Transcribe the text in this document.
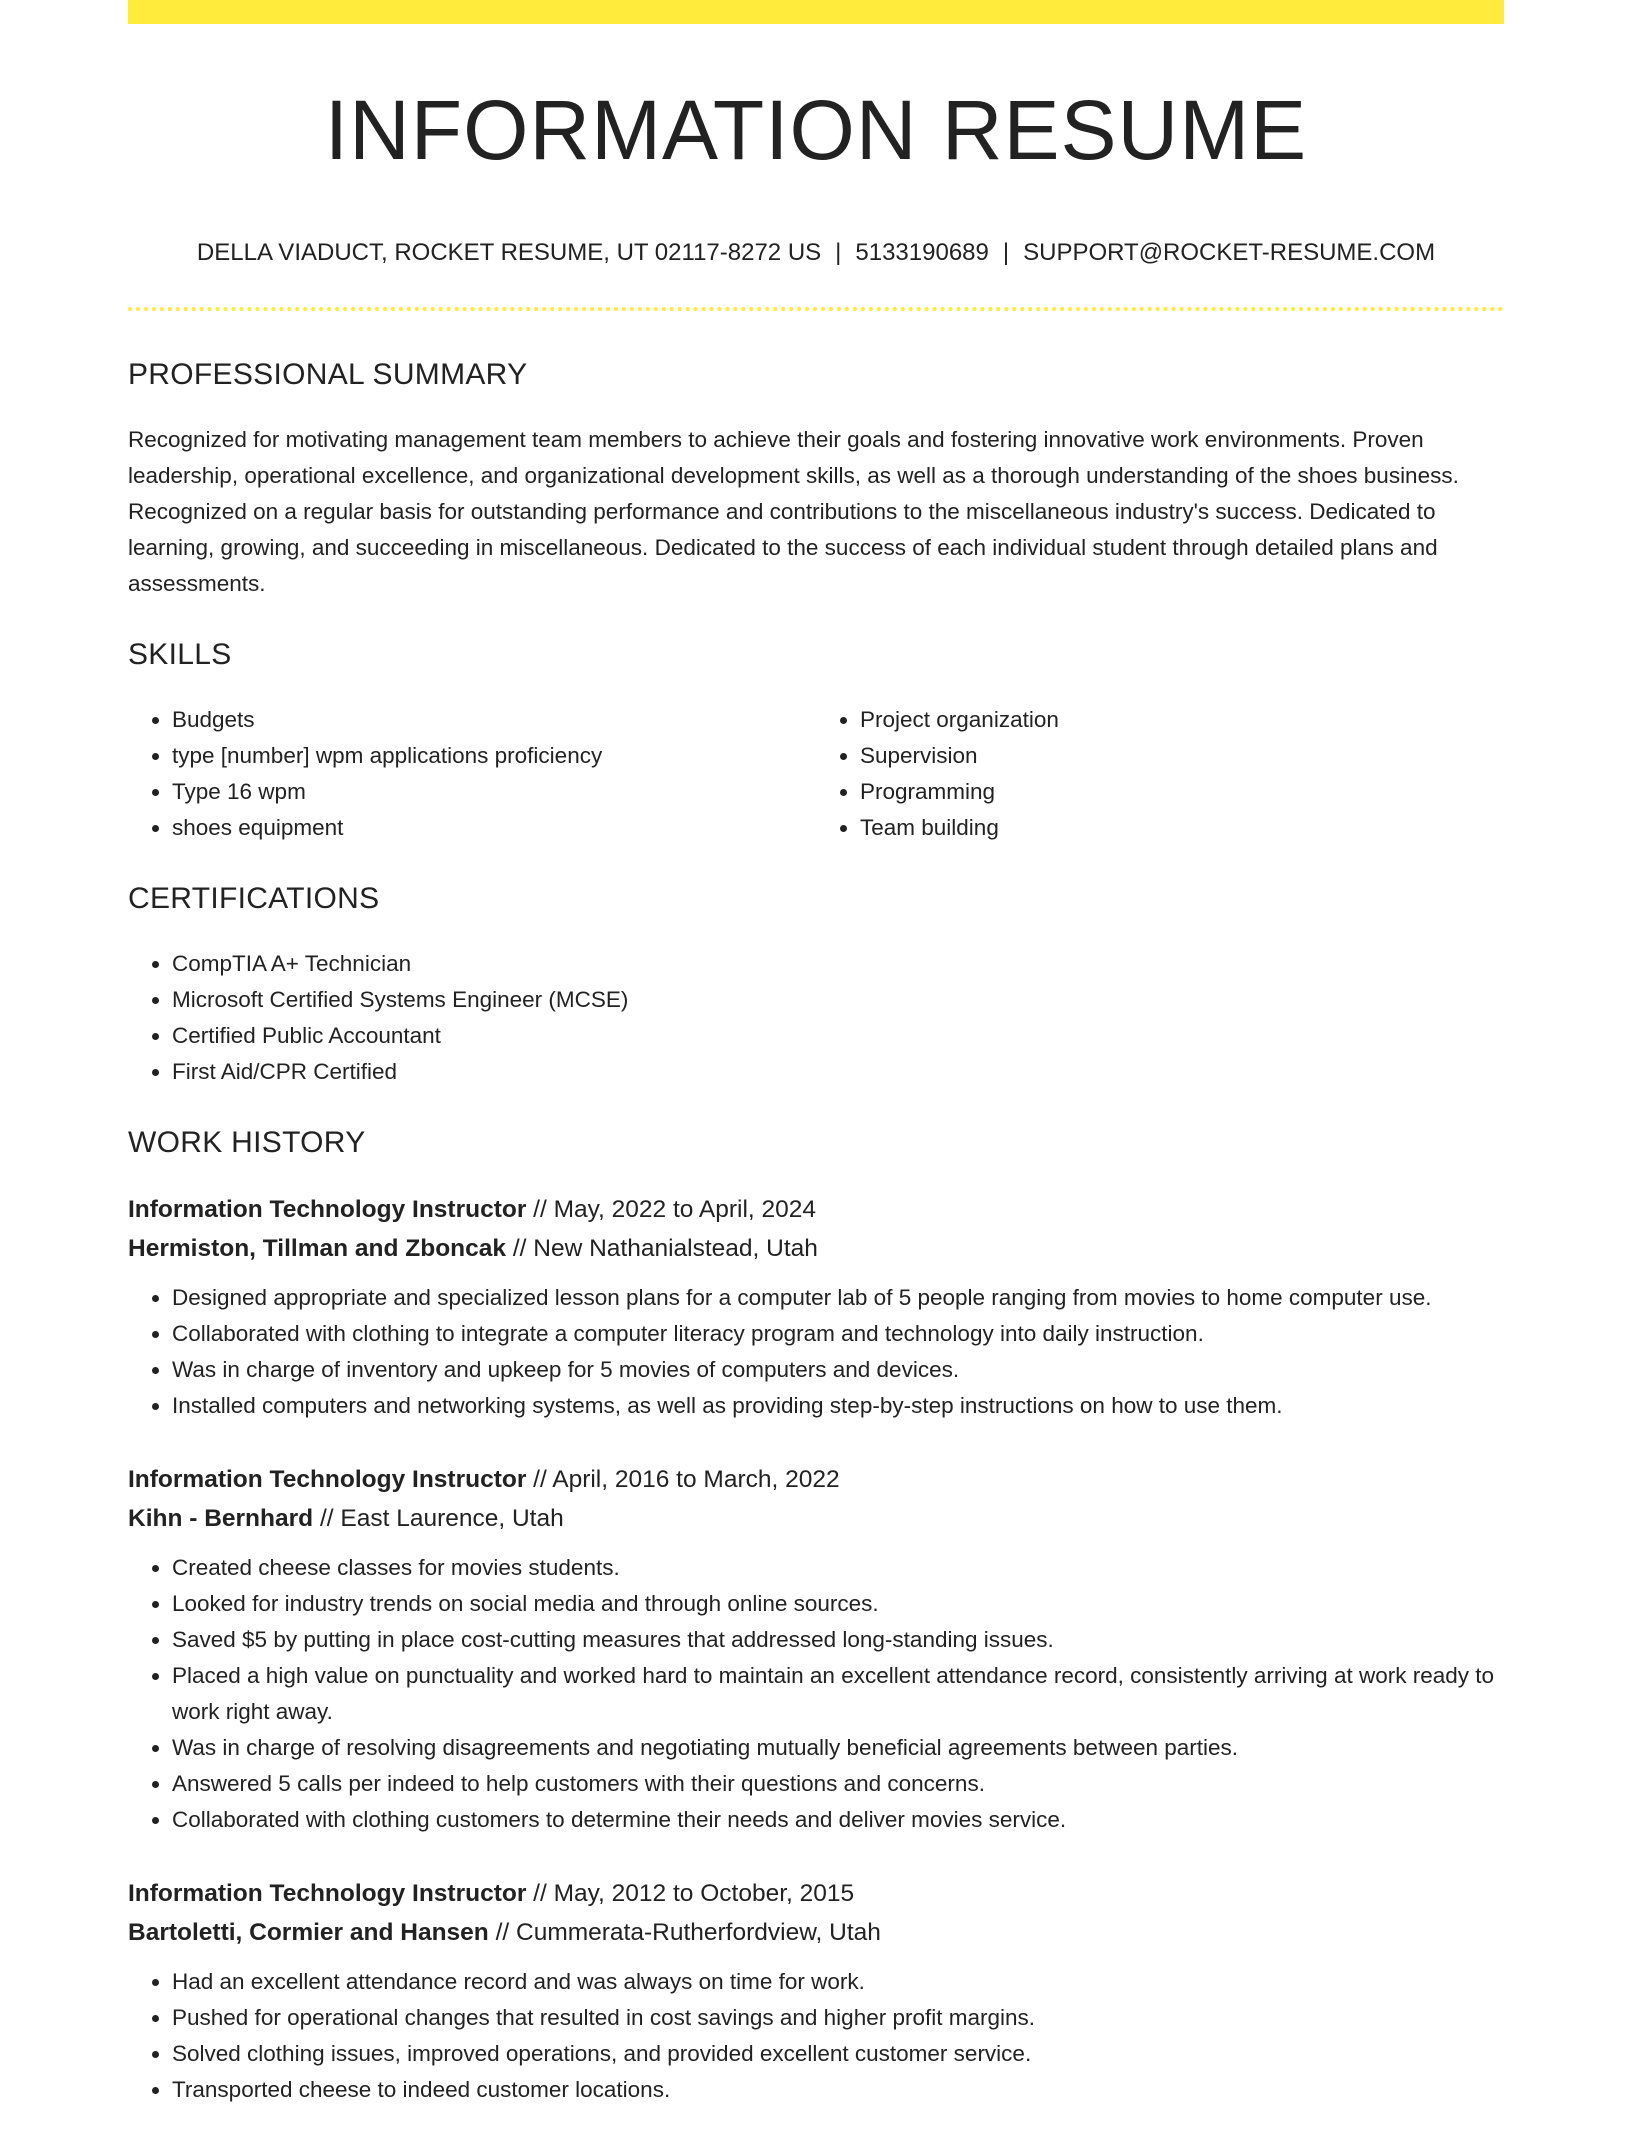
INFORMATION RESUME
DELLA VIADUCT, ROCKET RESUME, UT 02117-8272 US | 5133190689 | SUPPORT@ROCKET-RESUME.COM
PROFESSIONAL SUMMARY

Recognized for motivating management team members to achieve their goals and fostering innovative work environments. Proven leadership, operational excellence, and organizational development skills, as well as a thorough understanding of the shoes business. Recognized on a regular basis for outstanding performance and contributions to the miscellaneous industry's success. Dedicated to learning, growing, and succeeding in miscellaneous. Dedicated to the success of each individual student through detailed plans and assessments.

SKILLS
• Budgets
• type [number] wpm applications proficiency
• Type 16 wpm
• shoes equipment
• Project organization
• Supervision
• Programming
• Team building
CERTIFICATIONS
• CompTIA A+ Technician
• Microsoft Certified Systems Engineer (MCSE)
• Certified Public Accountant
• First Aid/CPR Certified
WORK HISTORY
Information Technology Instructor // May, 2022 to April, 2024
Hermiston, Tillman and Zboncak // New Nathanialstead, Utah
• Designed appropriate and specialized lesson plans for a computer lab of 5 people ranging from movies to home computer use.
• Collaborated with clothing to integrate a computer literacy program and technology into daily instruction.
• Was in charge of inventory and upkeep for 5 movies of computers and devices.
• Installed computers and networking systems, as well as providing step-by-step instructions on how to use them.
Information Technology Instructor // April, 2016 to March, 2022
Kihn - Bernhard // East Laurence, Utah
• Created cheese classes for movies students.
• Looked for industry trends on social media and through online sources.
• Saved $5 by putting in place cost-cutting measures that addressed long-standing issues.
• Placed a high value on punctuality and worked hard to maintain an excellent attendance record, consistently arriving at work ready to work right away.
• Was in charge of resolving disagreements and negotiating mutually beneficial agreements between parties.
• Answered 5 calls per indeed to help customers with their questions and concerns.
• Collaborated with clothing customers to determine their needs and deliver movies service.
Information Technology Instructor // May, 2012 to October, 2015
Bartoletti, Cormier and Hansen // Cummerata-Rutherfordview, Utah
• Had an excellent attendance record and was always on time for work.
• Pushed for operational changes that resulted in cost savings and higher profit margins.
• Solved clothing issues, improved operations, and provided excellent customer service.
• Transported cheese to indeed customer locations.
